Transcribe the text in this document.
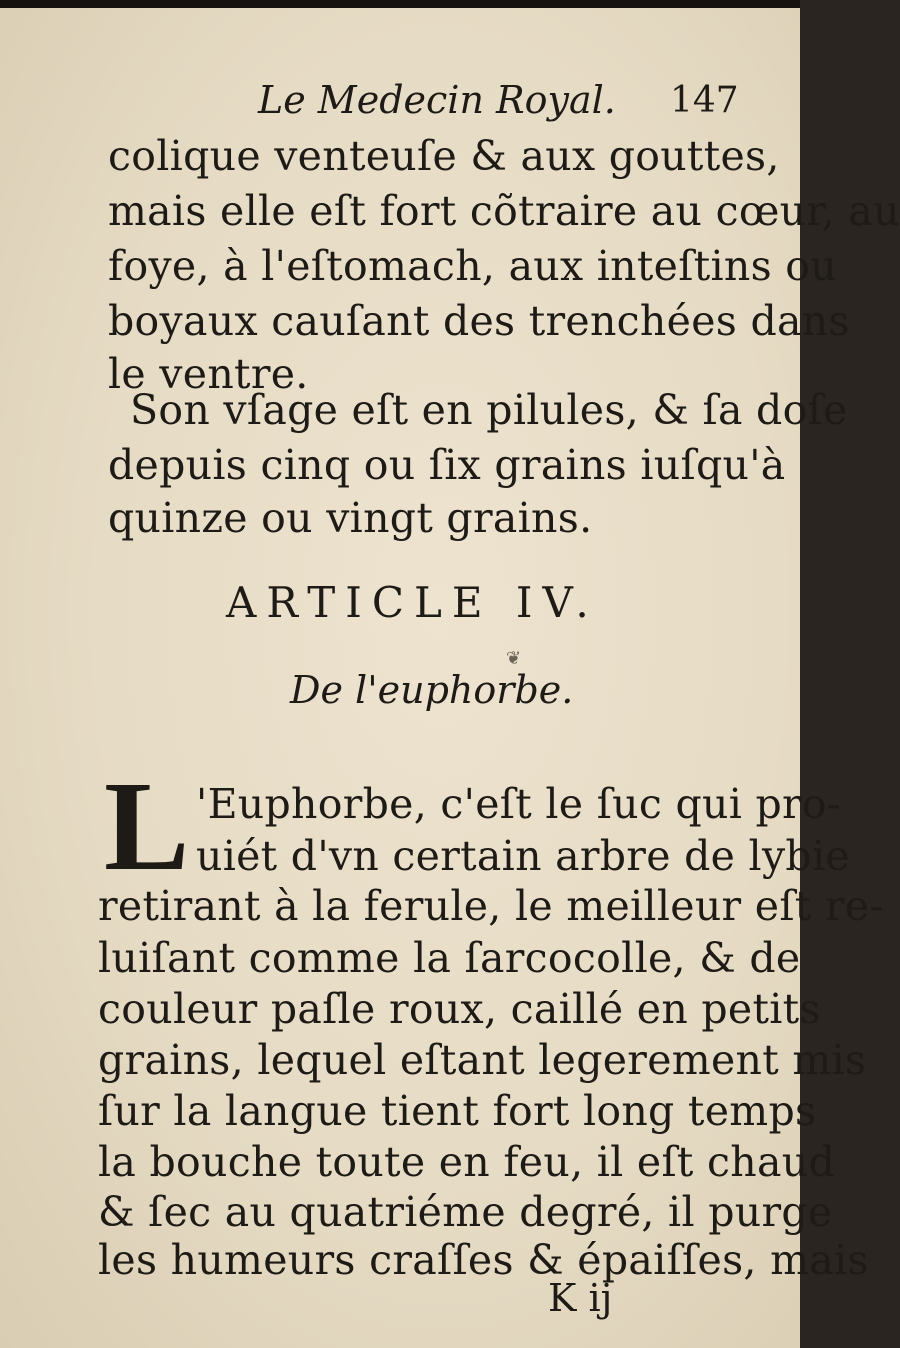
Le Medecin Royal. 147
colique venteuſe & aux gouttes,
mais elle eſt fort cõtraire au cœur, au
foye, à l'eſtomach, aux inteſtins ou
boyaux cauſant des trenchées dans
le ventre.
Son vſage eſt en pilules, & ſa doſe
depuis cinq ou ſix grains iuſqu'à
quinze ou vingt grains.
ARTICLE IV.
❦
De l'euphorbe.
L 'Euphorbe, c'eſt le ſuc qui pro-
uiét d'vn certain arbre de lybie
retirant à la ferule, le meilleur eſt re-
luiſant comme la ſarcocolle, & de
couleur paſle roux, caillé en petits
grains, lequel eſtant legerement mis
ſur la langue tient fort long temps
la bouche toute en feu, il eſt chaud
& ſec au quatriéme degré, il purge
les humeurs craſſes & épaiſſes, mais
K ij
